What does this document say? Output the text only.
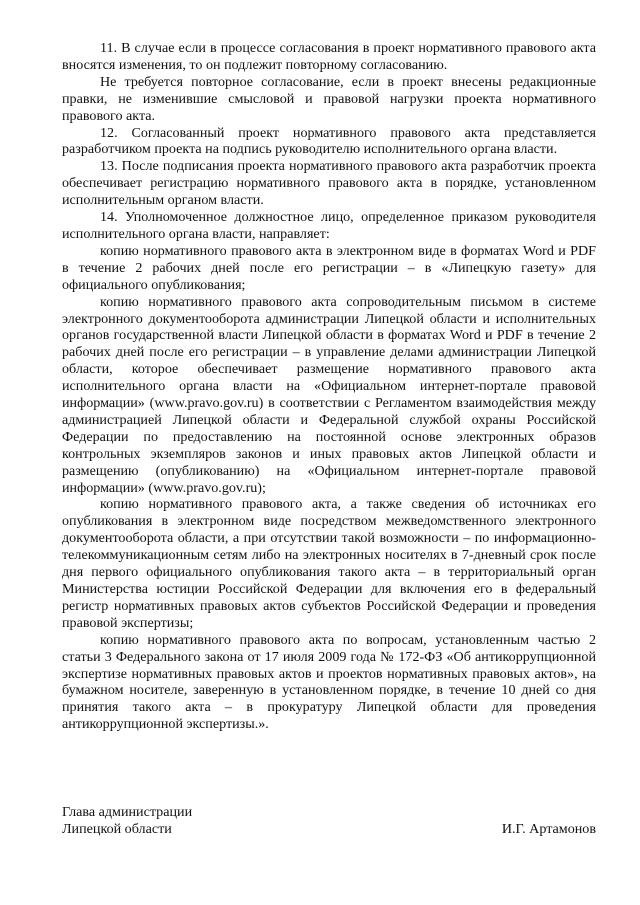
11. В случае если в процессе согласования в проект нормативного правового акта вносятся изменения, то он подлежит повторному согласованию.

Не требуется повторное согласование, если в проект внесены редакционные правки, не изменившие смысловой и правовой нагрузки проекта нормативного правового акта.

12. Согласованный проект нормативного правового акта представляется разработчиком проекта на подпись руководителю исполнительного органа власти.

13. После подписания проекта нормативного правового акта разработчик проекта обеспечивает регистрацию нормативного правового акта в порядке, установленном исполнительным органом власти.

14. Уполномоченное должностное лицо, определенное приказом руководителя исполнительного органа власти, направляет:

копию нормативного правового акта в электронном виде в форматах Word и PDF в течение 2 рабочих дней после его регистрации – в «Липецкую газету» для официального опубликования;

копию нормативного правового акта сопроводительным письмом в системе электронного документооборота администрации Липецкой области и исполнительных органов государственной власти Липецкой области в форматах Word и PDF в течение 2 рабочих дней после его регистрации – в управление делами администрации Липецкой области, которое обеспечивает размещение нормативного правового акта исполнительного органа власти на «Официальном интернет-портале правовой информации» (www.pravo.gov.ru) в соответствии с Регламентом взаимодействия между администрацией Липецкой области и Федеральной службой охраны Российской Федерации по предоставлению на постоянной основе электронных образов контрольных экземпляров законов и иных правовых актов Липецкой области и размещению (опубликованию) на «Официальном интернет-портале правовой информации» (www.pravo.gov.ru);

копию нормативного правового акта, а также сведения об источниках его опубликования в электронном виде посредством межведомственного электронного документооборота области, а при отсутствии такой возможности – по информационно-телекоммуникационным сетям либо на электронных носителях в 7-дневный срок после дня первого официального опубликования такого акта – в территориальный орган Министерства юстиции Российской Федерации для включения его в федеральный регистр нормативных правовых актов субъектов Российской Федерации и проведения правовой экспертизы;

копию нормативного правового акта по вопросам, установленным частью 2 статьи 3 Федерального закона от 17 июля 2009 года № 172-ФЗ «Об антикоррупционной экспертизе нормативных правовых актов и проектов нормативных правовых актов», на бумажном носителе, заверенную в установленном порядке, в течение 10 дней со дня принятия такого акта – в прокуратуру Липецкой области для проведения антикоррупционной экспертизы.».

Глава администрации
Липецкой области	И.Г. Артамонов
